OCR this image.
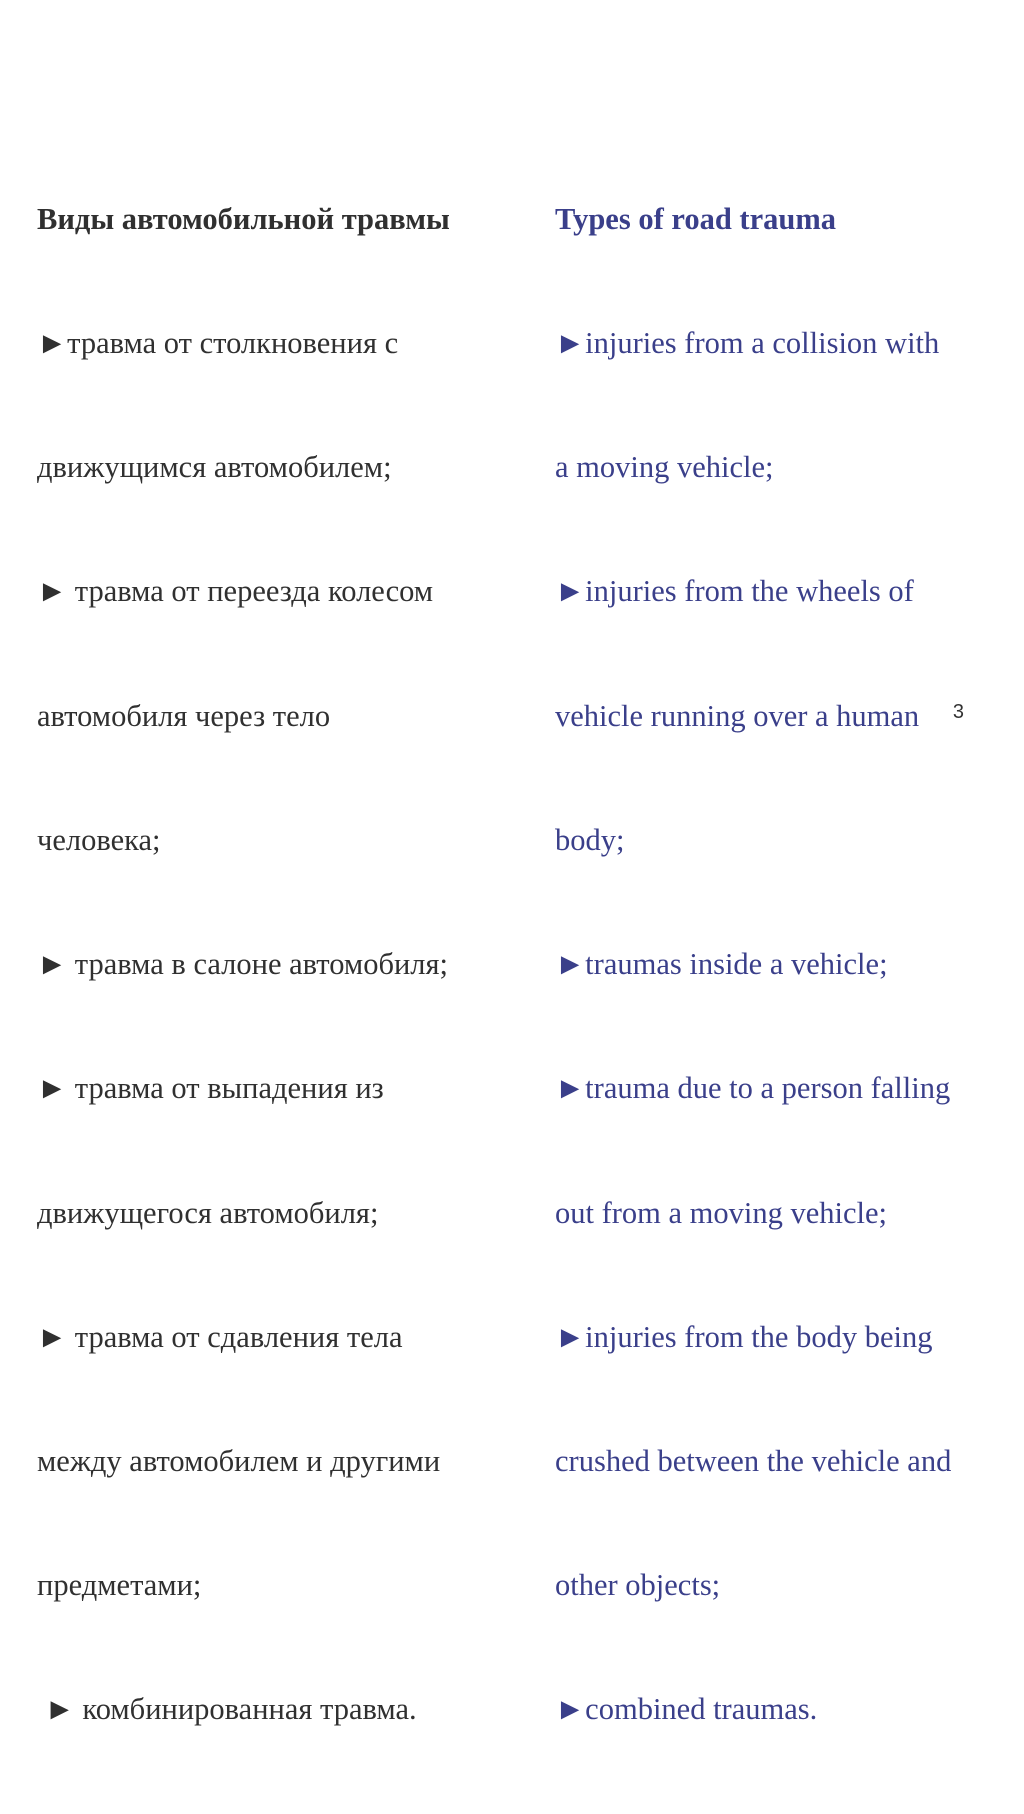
Виды автомобильной травмы

►травма от столкновения с

движущимся автомобилем;

► травма от переезда колесом

автомобиля через тело

человека;

► травма в салоне автомобиля;

► травма от выпадения из

движущегося автомобиля;

► травма от сдавления тела

между автомобилем и другими

предметами;

► комбинированная травма.

Types of road trauma

►injuries from a collision with

a moving vehicle;

►injuries from the wheels of

vehicle running over a human

body;

►traumas inside a vehicle;

►trauma due to a person falling

out from a moving vehicle;

►injuries from the body being

crushed between the vehicle and

other objects;

►combined traumas.

3
